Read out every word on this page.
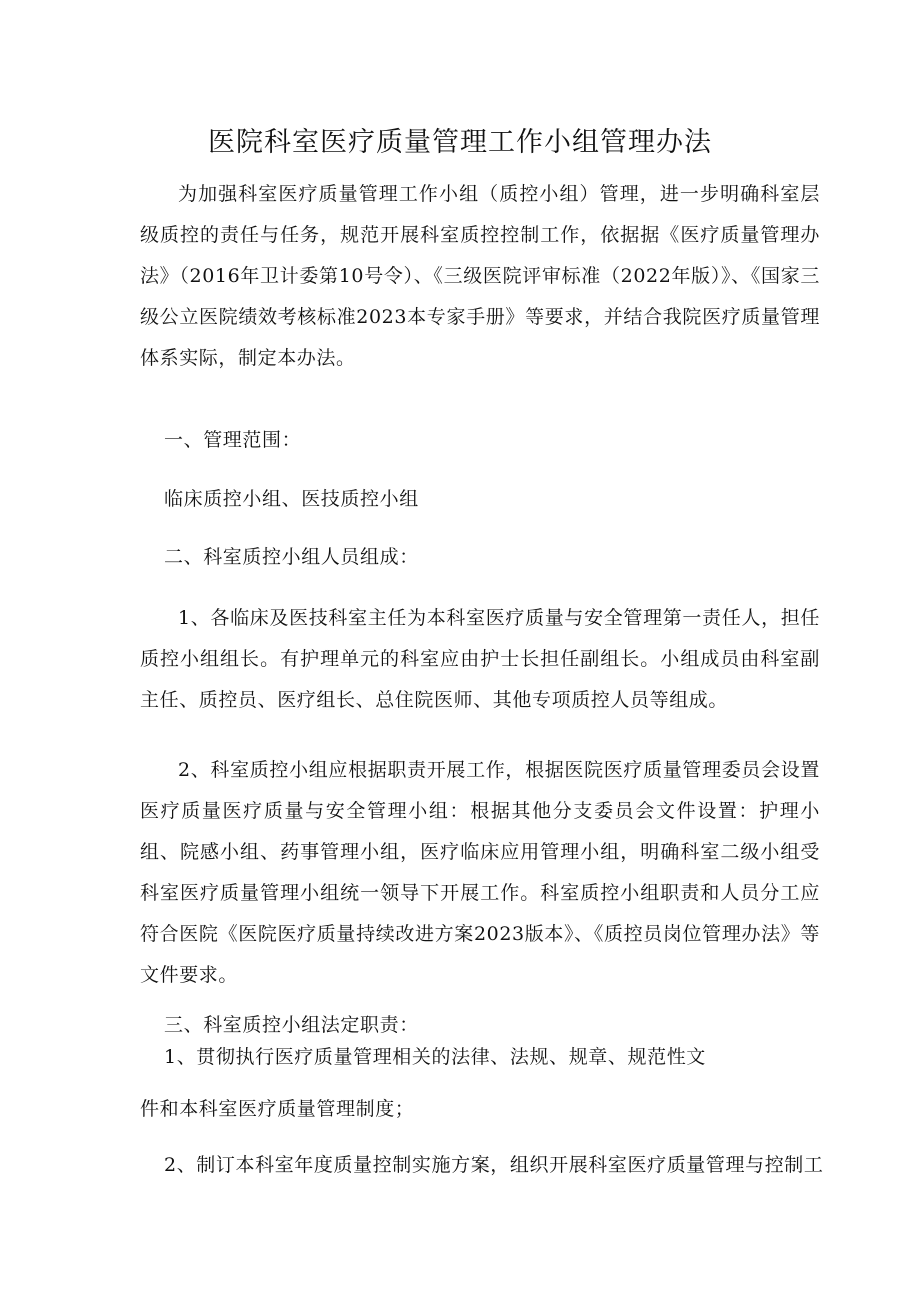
医院科室医疗质量管理工作小组管理办法

为加强科室医疗质量管理工作小组（质控小组）管理，进一步明确科室层级质控的责任与任务，规范开展科室质控控制工作，依据据《医疗质量管理办法》（2016年卫计委第10号令）、《三级医院评审标准（2022年版）》、《国家三级公立医院绩效考核标准2023本专家手册》等要求，并结合我院医疗质量管理体系实际，制定本办法。

一、管理范围：

临床质控小组、医技质控小组

二、科室质控小组人员组成：

1、各临床及医技科室主任为本科室医疗质量与安全管理第一责任人，担任质控小组组长。有护理单元的科室应由护士长担任副组长。小组成员由科室副主任、质控员、医疗组长、总住院医师、其他专项质控人员等组成。

2、科室质控小组应根据职责开展工作，根据医院医疗质量管理委员会设置医疗质量医疗质量与安全管理小组：根据其他分支委员会文件设置：护理小组、院感小组、药事管理小组，医疗临床应用管理小组，明确科室二级小组受科室医疗质量管理小组统一领导下开展工作。科室质控小组职责和人员分工应符合医院《医院医疗质量持续改进方案2023版本》、《质控员岗位管理办法》等文件要求。

三、科室质控小组法定职责：

1、贯彻执行医疗质量管理相关的法律、法规、规章、规范性文

件和本科室医疗质量管理制度；

2、制订本科室年度质量控制实施方案，组织开展科室医疗质量管理与控制工
